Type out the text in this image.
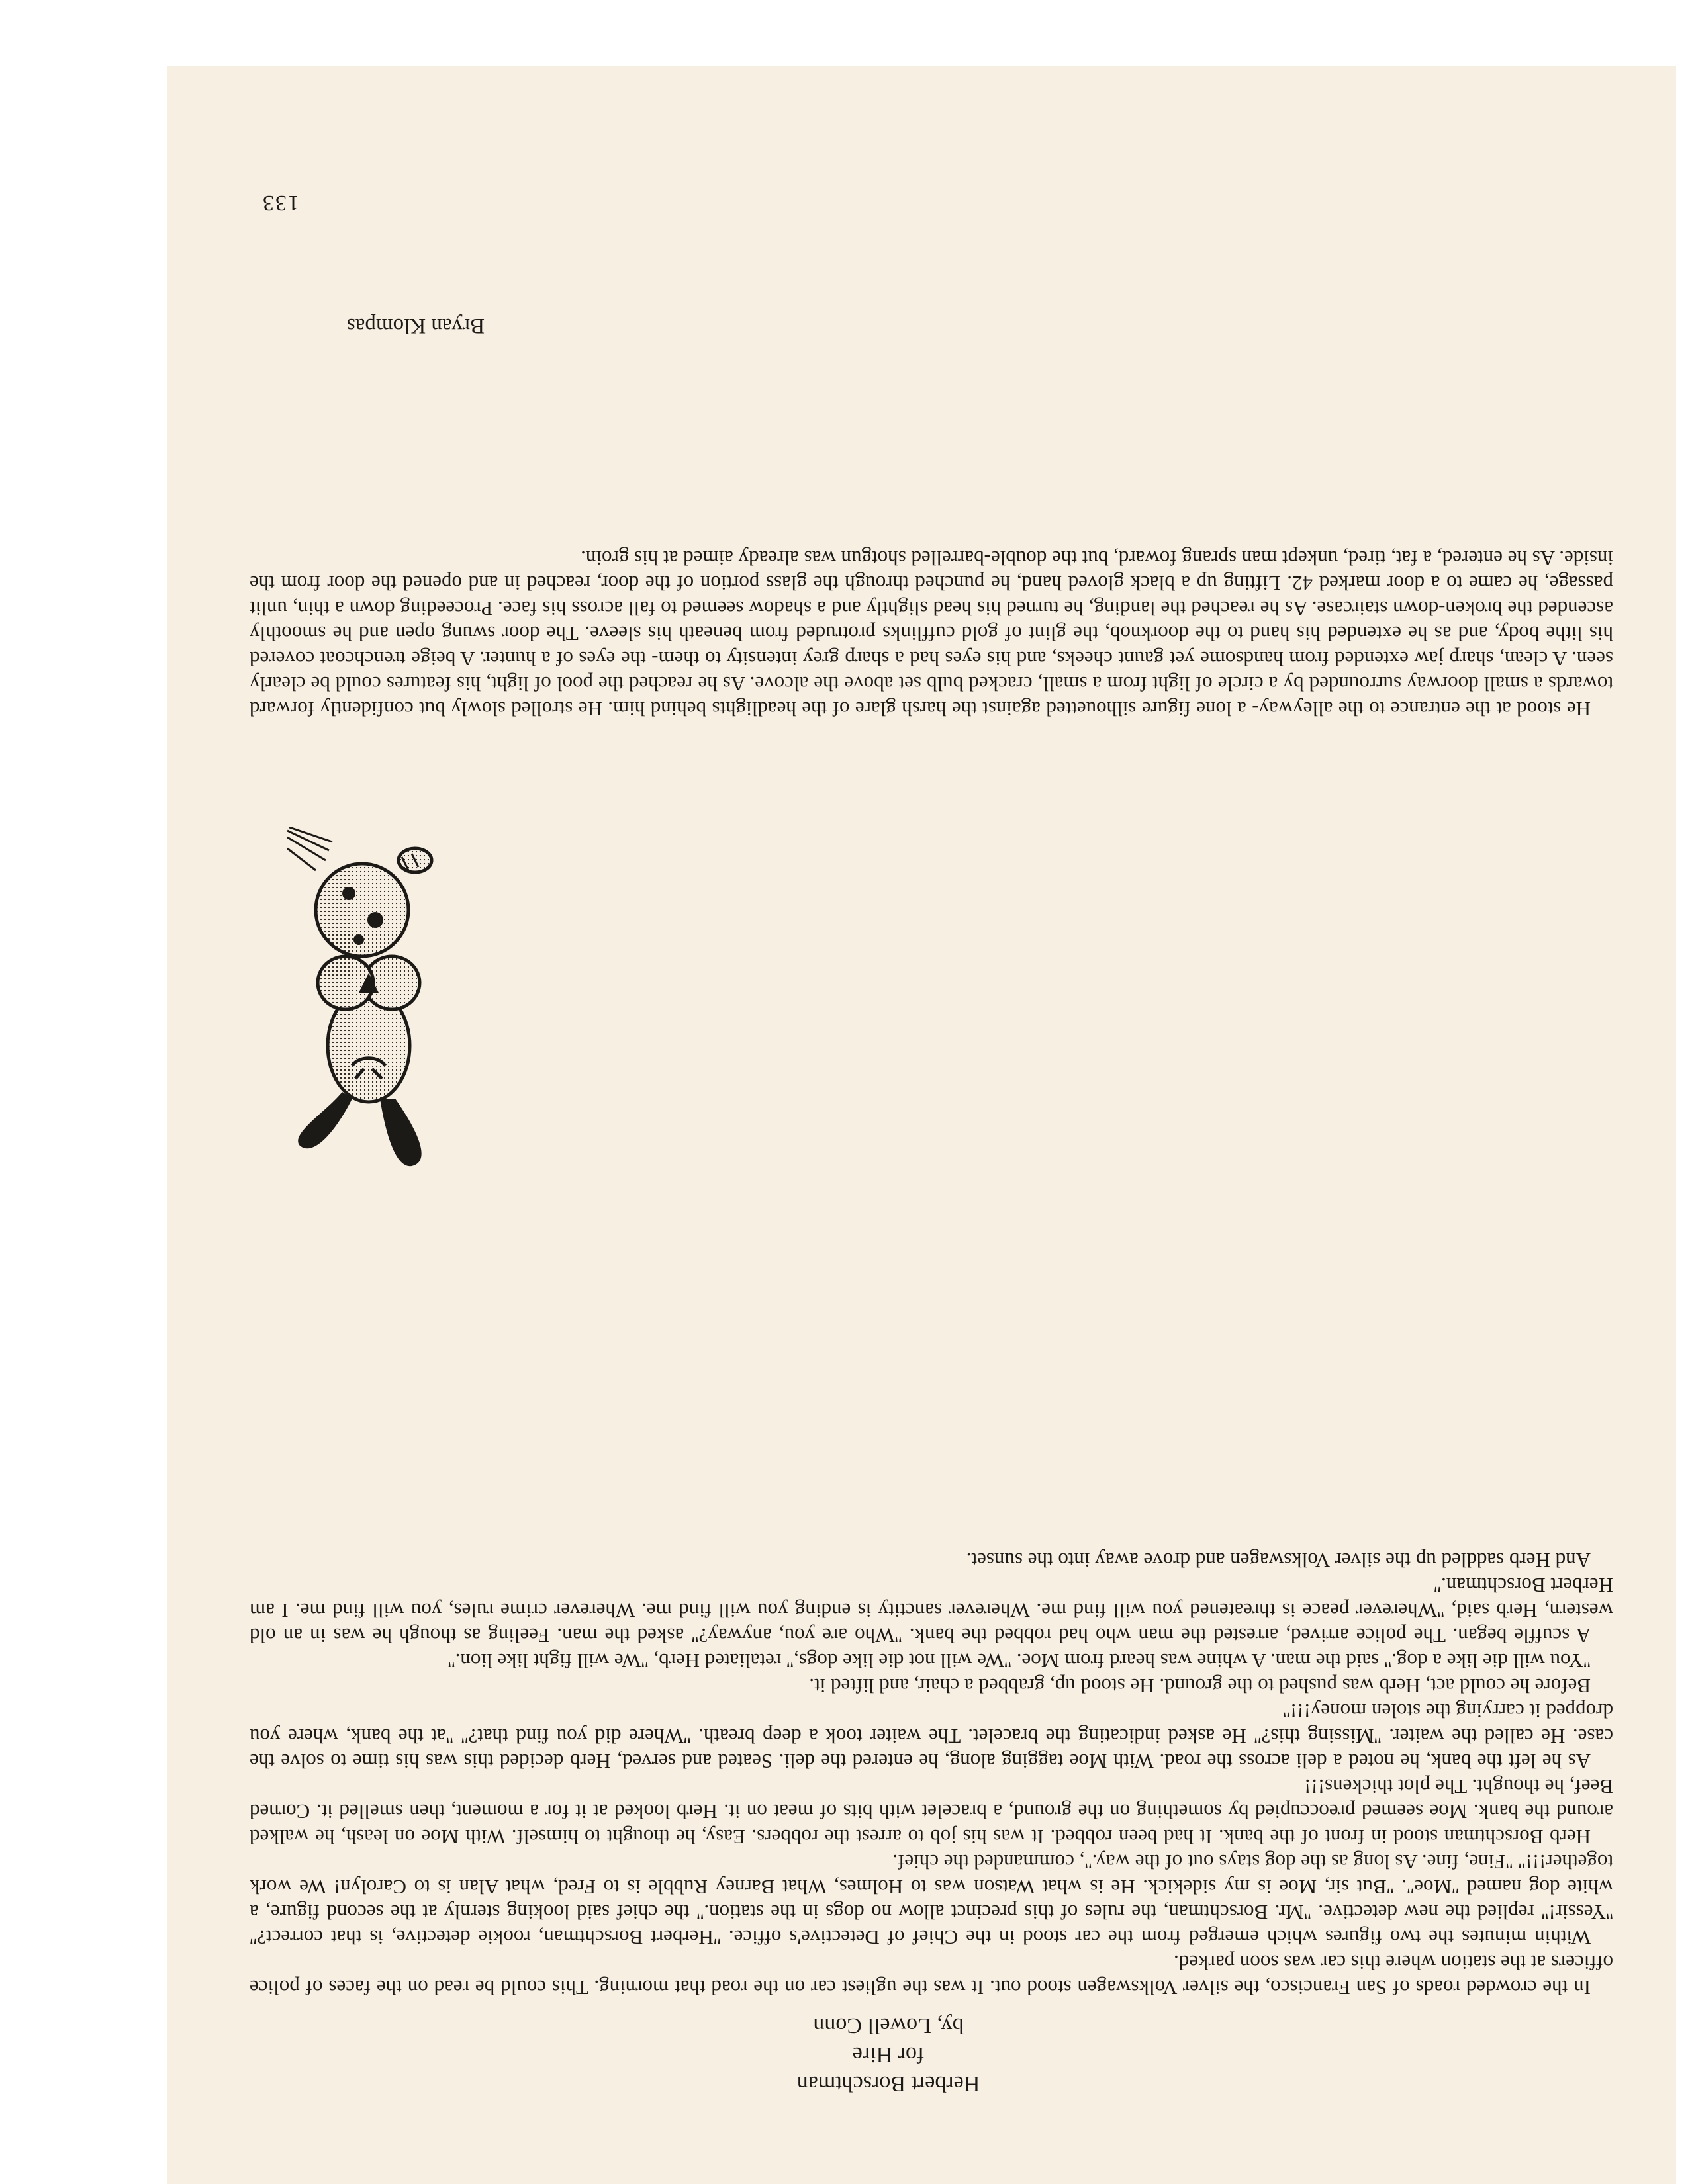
Herbert Borschtman
for Hire
by, Lowell Conn

In the crowded roads of San Francisco, the silver Volkswagen stood out. It was the ugliest car on the road that morning. This could be read on the faces of police officers at the station where this car was soon parked.

Within minutes the two figures which emerged from the car stood in the Chief of Detective's office. ''Herbert Borschtman, rookie detective, is that correct?'' ''Yessir!'' replied the new detective. ''Mr. Borschtman, the rules of this precinct allow no dogs in the station.'' the chief said looking sternly at the second figure, a white dog named ''Moe''. ''But sir, Moe is my sidekick. He is what Watson was to Holmes, What Barney Rubble is to Fred, what Alan is to Carolyn! We work together!!!'' ''Fine, fine. As long as the dog stays out of the way.'', commanded the chief.

Herb Borschtman stood in front of the bank. It had been robbed. It was his job to arrest the robbers. Easy, he thought to himself. With Moe on leash, he walked around the bank. Moe seemed preoccupied by something on the ground, a bracelet with bits of meat on it. Herb looked at it for a moment, then smelled it. Corned Beef, he thought. The plot thickens!!!

As he left the bank, he noted a deli across the road. With Moe tagging along, he entered the deli. Seated and served, Herb decided this was his time to solve the case. He called the waiter. ''Missing this?'' He asked indicating the bracelet. The waiter took a deep breath. ''Where did you find that?'' ''at the bank, where you dropped it carrying the stolen money!!!''

Before he could act, Herb was pushed to the ground. He stood up, grabbed a chair, and lifted it.

''You will die like a dog.'' said the man. A whine was heard from Moe. ''We will not die like dogs,'' retaliated Herb, ''We will fight like lion.''

A scuffle began. The police arrived, arrested the man who had robbed the bank. ''Who are you, anyway?'' asked the man. Feeling as though he was in an old western, Herb said, ''Wherever peace is threatened you will find me. Wherever sanctity is ending you will find me. Wherever crime rules, you will find me. I am Herbert Borschtman.''

And Herb saddled up the silver Volkswagen and drove away into the sunset.

He stood at the entrance to the alleyway- a lone figure silhouetted against the harsh glare of the headlights behind him. He strolled slowly but confidently forward towards a small doorway surrounded by a circle of light from a small, cracked bulb set above the alcove. As he reached the pool of light, his features could be clearly seen. A clean, sharp jaw extended from handsome yet gaunt cheeks, and his eyes had a sharp grey intensity to them- the eyes of a hunter. A beige trenchcoat covered his lithe body, and as he extended his hand to the doorknob, the glint of gold cufflinks protruded from beneath his sleeve. The door swung open and he smoothly ascended the broken-down staircase. As he reached the landing, he turned his head slightly and a shadow seemed to fall across his face. Proceeding down a thin, unlit passage, he came to a door marked 42. Lifting up a black gloved hand, he punched through the glass portion of the door, reached in and opened the door from the inside. As he entered, a fat, tired, unkept man sprang foward, but the double-barrelled shotgun was already aimed at his groin.

Bryan Klompas
133
